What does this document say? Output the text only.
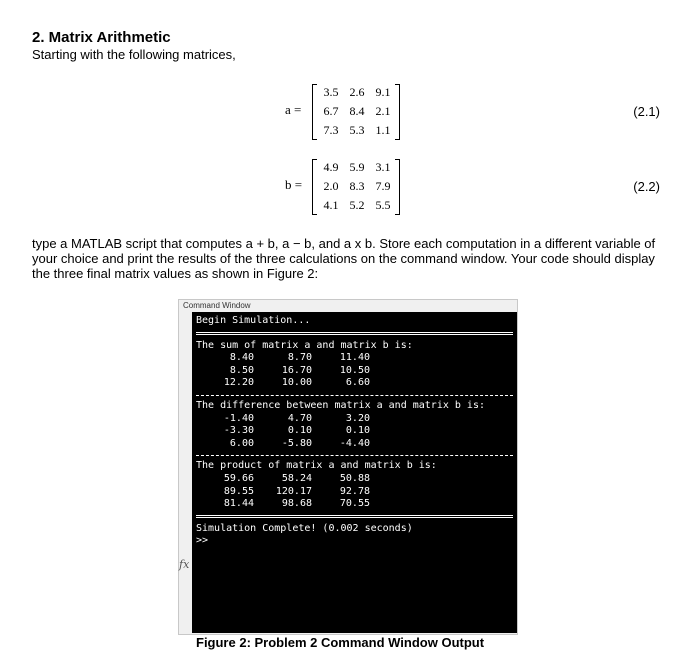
2. Matrix Arithmetic

Starting with the following matrices,

a =
3.5 2.6 9.1
6.7 8.4 2.1
7.3 5.3 1.1
(2.1)
b =
4.9 5.9 3.1
2.0 8.3 7.9
4.1 5.2 5.5
(2.2)

type a MATLAB script that computes a + b, a − b, and a x b. Store each computation in a different variable of your choice and print the results of the three calculations on the command window. Your code should display the three final matrix values as shown in Figure 2:

Command Window
fx
Begin Simulation...
The sum of matrix a and matrix b is:
8.40	8.70	11.40
8.50	16.70	10.50
12.20	10.00	6.60
The difference between matrix a and matrix b is:
-1.40	4.70	3.20
-3.30	0.10	0.10
6.00	-5.80	-4.40
The product of matrix a and matrix b is:
59.66	58.24	50.88
89.55	120.17	92.78
81.44	98.68	70.55
Simulation Complete! (0.002 seconds)
>>

Figure 2: Problem 2 Command Window Output
